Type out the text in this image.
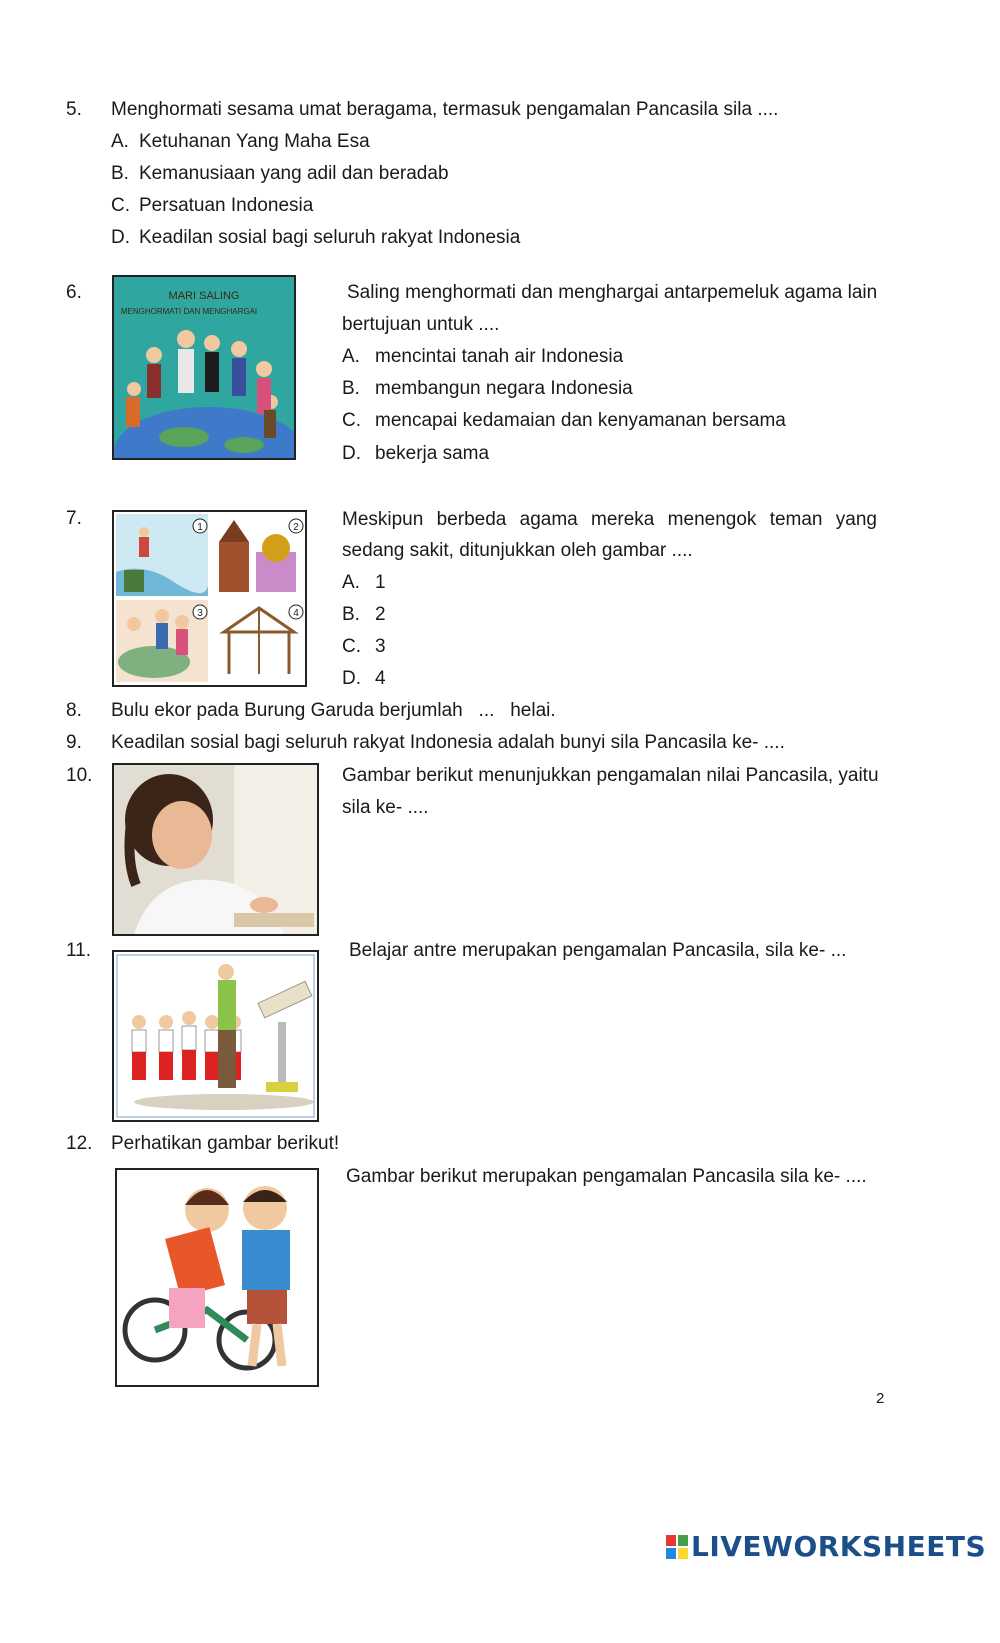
5. Menghormati sesama umat beragama, termasuk pengamalan Pancasila sila ....
A. Ketuhanan Yang Maha Esa
B. Kemanusiaan yang adil dan beradab
C. Persatuan Indonesia
D. Keadilan sosial bagi seluruh rakyat Indonesia
6.	MARI SALING
MENGHORMATI DAN MENGHARGAI
Saling menghormati dan menghargai antarpemeluk agama lain
bertujuan untuk ....
A. mencintai tanah air Indonesia
B. membangun negara Indonesia
C. mencapai kedamaian dan kenyamanan bersama
D. bekerja sama
7.	1	2
3	4
Meskipun berbeda agama mereka menengok teman yang
sedang sakit, ditunjukkan oleh gambar ....
A. 1
B. 2
C. 3
D. 4
8. Bulu ekor pada Burung Garuda berjumlah   ...   helai.
9. Keadilan sosial bagi seluruh rakyat Indonesia adalah bunyi sila Pancasila ke- ....
10.	Gambar berikut menunjukkan pengamalan nilai Pancasila, yaitu
sila ke- ....
11.	Belajar antre merupakan pengamalan Pancasila, sila ke- ...
12. Perhatikan gambar berikut!
Gambar berikut merupakan pengamalan Pancasila sila ke- ....
2
LIVEWORKSHEETS
